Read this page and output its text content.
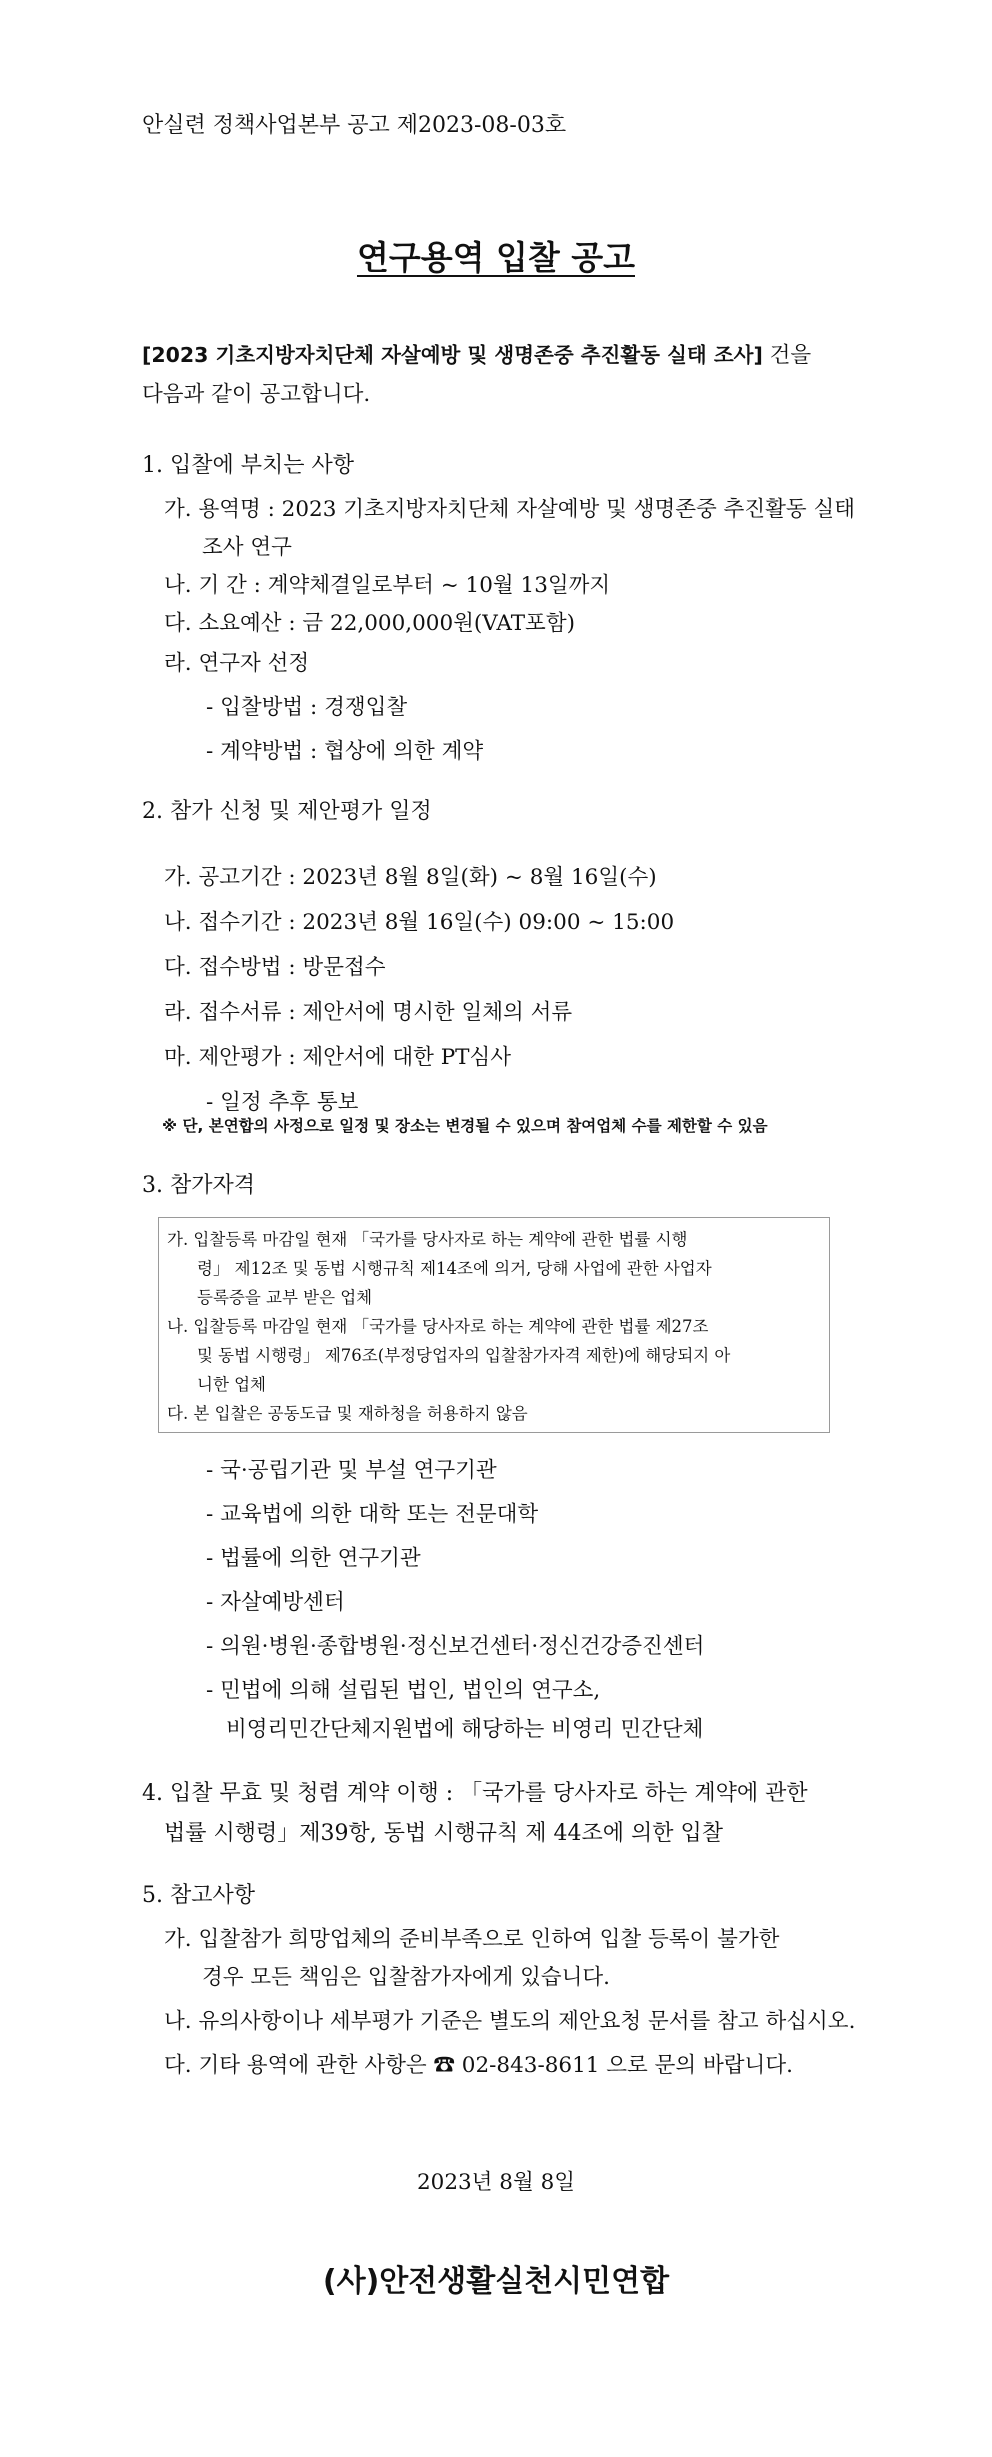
안실련 정책사업본부 공고 제2023-08-03호
연구용역 입찰 공고
[2023 기초지방자치단체 자살예방 및 생명존중 추진활동 실태 조사] 건을
다음과 같이 공고합니다.
1. 입찰에 부치는 사항
가. 용역명 : 2023 기초지방자치단체 자살예방 및 생명존중 추진활동 실태
조사 연구
나. 기 간 : 계약체결일로부터 ~ 10월 13일까지
다. 소요예산 : 금 22,000,000원(VAT포함)
라. 연구자 선정
- 입찰방법 : 경쟁입찰
- 계약방법 : 협상에 의한 계약
2. 참가 신청 및 제안평가 일정
가. 공고기간 : 2023년 8월 8일(화) ~ 8월 16일(수)
나. 접수기간 : 2023년 8월 16일(수) 09:00 ~ 15:00
다. 접수방법 : 방문접수
라. 접수서류 : 제안서에 명시한 일체의 서류
마. 제안평가 : 제안서에 대한 PT심사
- 일정 추후 통보
※ 단, 본연합의 사정으로 일정 및 장소는 변경될 수 있으며 참여업체 수를 제한할 수 있음
3. 참가자격
가. 입찰등록 마감일 현재 「국가를 당사자로 하는 계약에 관한 법률 시행
령」 제12조 및 동법 시행규칙 제14조에 의거, 당해 사업에 관한 사업자
등록증을 교부 받은 업체
나. 입찰등록 마감일 현재 「국가를 당사자로 하는 계약에 관한 법률 제27조
및 동법 시행령」 제76조(부정당업자의 입찰참가자격 제한)에 해당되지 아
니한 업체
다. 본 입찰은 공동도급 및 재하청을 허용하지 않음
- 국·공립기관 및 부설 연구기관
- 교육법에 의한 대학 또는 전문대학
- 법률에 의한 연구기관
- 자살예방센터
- 의원·병원·종합병원·정신보건센터·정신건강증진센터
- 민법에 의해 설립된 법인, 법인의 연구소,
비영리민간단체지원법에 해당하는 비영리 민간단체
4. 입찰 무효 및 청렴 계약 이행 : 「국가를 당사자로 하는 계약에 관한
법률 시행령」제39항, 동법 시행규칙 제 44조에 의한 입찰
5. 참고사항
가. 입찰참가 희망업체의 준비부족으로 인하여 입찰 등록이 불가한
경우 모든 책임은 입찰참가자에게 있습니다.
나. 유의사항이나 세부평가 기준은 별도의 제안요청 문서를 참고 하십시오.
다. 기타 용역에 관한 사항은 ☎ 02-843-8611 으로 문의 바랍니다.
2023년 8월 8일
(사)안전생활실천시민연합
